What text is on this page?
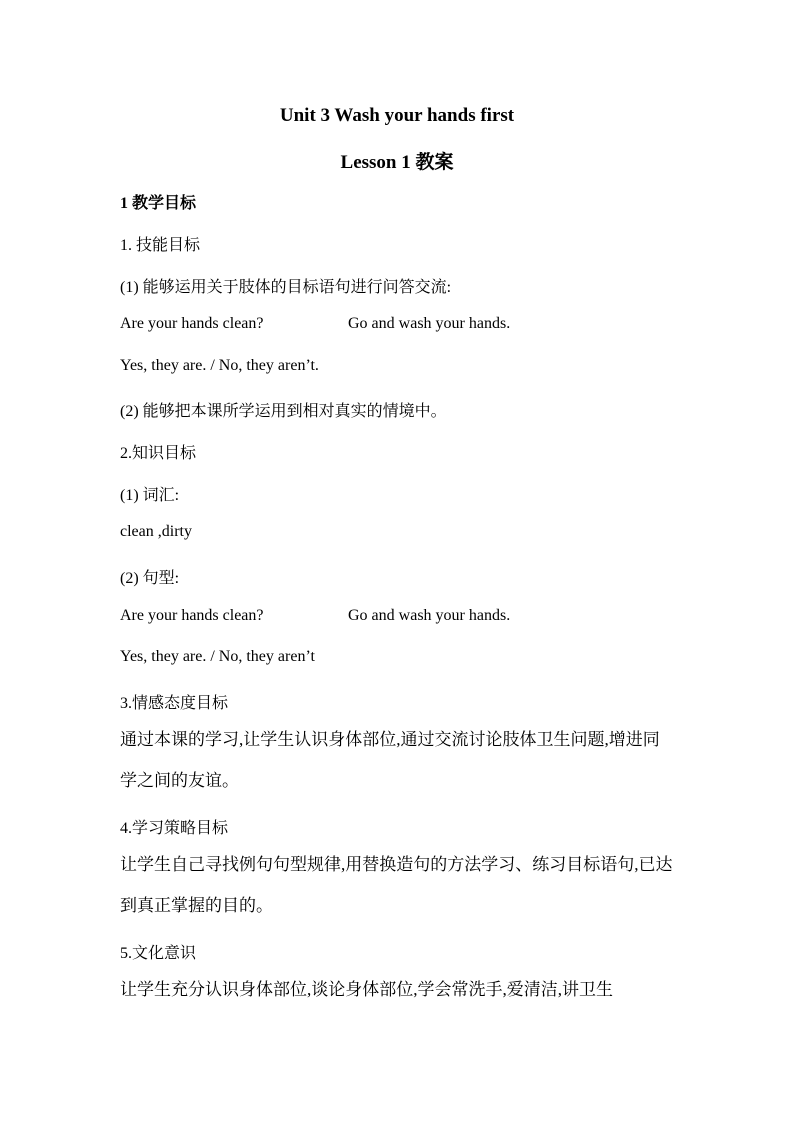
Unit 3 Wash your hands first
Lesson 1 教案
1 教学目标
1. 技能目标
(1) 能够运用关于肢体的目标语句进行问答交流:
Are your hands clean?	Go and wash your hands.
Yes, they are. / No, they aren’t.
(2) 能够把本课所学运用到相对真实的情境中。
2.知识目标
(1) 词汇:
clean ,dirty
(2) 句型:
Are your hands clean?	Go and wash your hands.
Yes, they are. / No, they aren’t
3.情感态度目标
通过本课的学习,让学生认识身体部位,通过交流讨论肢体卫生问题,增进同学之间的友谊。
4.学习策略目标
让学生自己寻找例句句型规律,用替换造句的方法学习、练习目标语句,已达到真正掌握的目的。
5.文化意识
让学生充分认识身体部位,谈论身体部位,学会常洗手,爱清洁,讲卫生
